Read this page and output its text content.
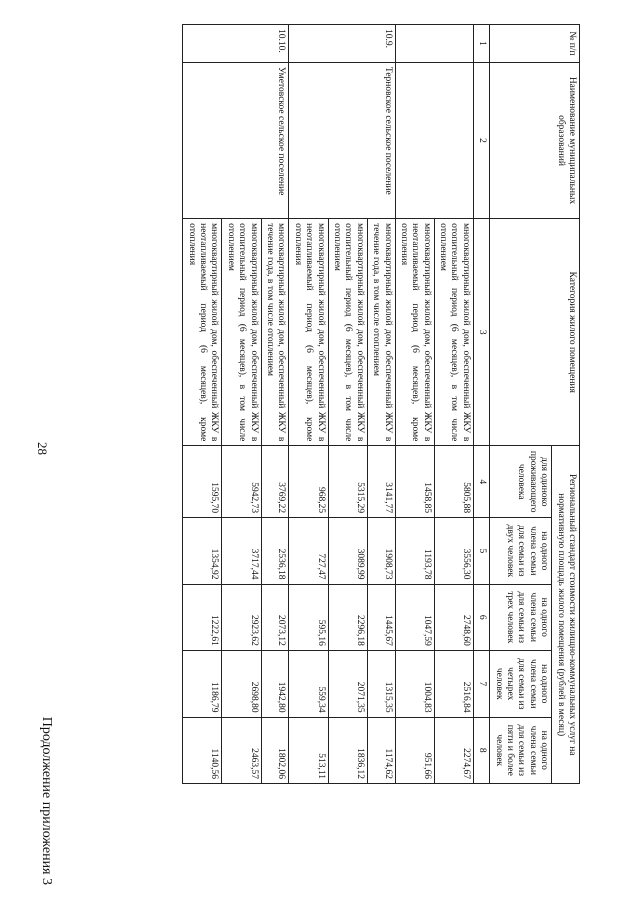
28
Продолжение приложения 3
№ п/п	Наименование муниципальных образований	Категория жилого помещения	Региональный стандарт стоимости жилищно-коммунальных услуг на нормативную площадь жилого помещения (рублей в месяц)				
			для одиноко проживающего человека	на одного члена семьи для семьи из двух человек	на одного члена семьи для семьи из трех человек	на одного члена семьи для семьи из четырех человек	на одного члена семьи для семьи из пяти и более человек
1	2	3	4	5	6	7	8
		многоквартирный жилой дом, обеспеченный ЖКУ в отопительный период (6 месяцев), в том числе отоплением	5805,88	3556,30	2748,60	2516,84	2274,67
		многоквартирный жилой дом, обеспеченный ЖКУ в неотапливаемый период (6 месяцев), кроме отопления	1458,85	1193,78	1047,59	1004,83	951,66
10.9.	Терновское сельское поселение	многоквартирный жилой дом, обеспеченный ЖКУ в течение года, в том числе отоплением	3141,77	1908,73	1445,67	1315,35	1174,62
		многоквартирный жилой дом, обеспеченный ЖКУ в отопительный период (6 месяцев), в том числе отоплением	5315,29	3089,99	2296,18	2071,35	1836,12
		многоквартирный жилой дом, обеспеченный ЖКУ в неотапливаемый период (6 месяцев), кроме отопления	968,25	727,47	595,16	559,34	513,11
10.10.	Уметовское сельское поселение	многоквартирный жилой дом, обеспеченный ЖКУ в течение года, в том числе отоплением	3769,22	2536,18	2073,12	1942,80	1802,06
		многоквартирный жилой дом, обеспеченный ЖКУ в отопительный период (6 месяцев), в том числе отоплением	5942,73	3717,44	2923,62	2698,80	2463,57
		многоквартирный жилой дом, обеспеченный ЖКУ в неотапливаемый период (6 месяцев), кроме отопления	1595,70	1354,92	1222,61	1186,79	1140,56
